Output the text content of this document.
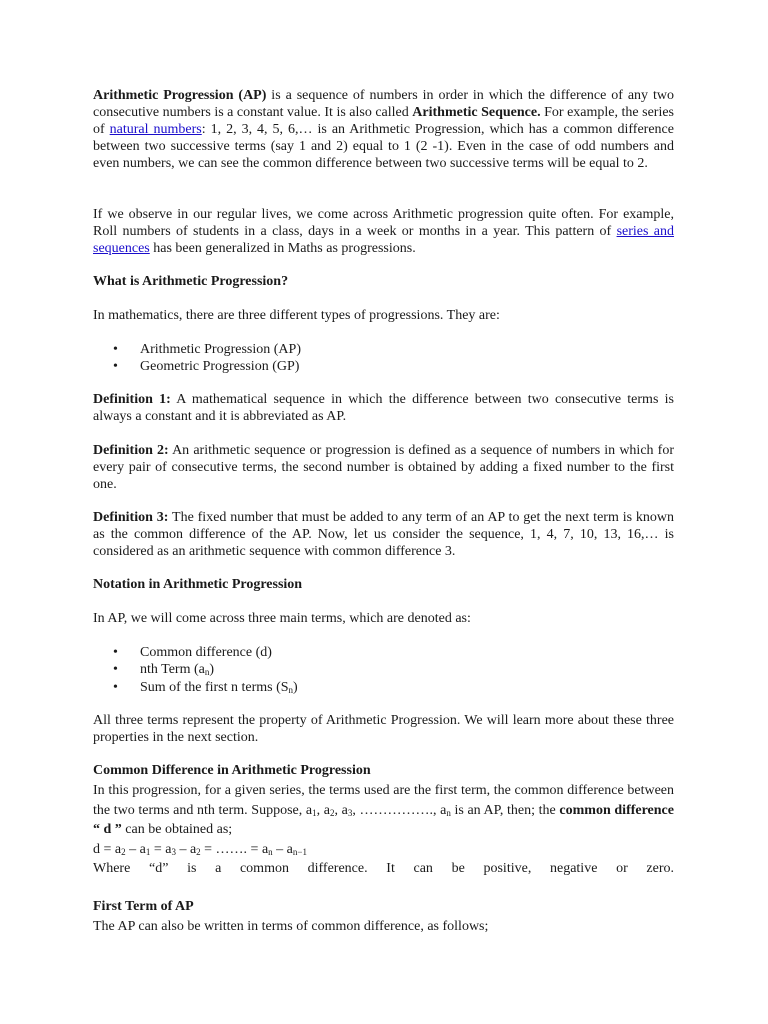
Arithmetic Progression (AP) is a sequence of numbers in order in which the difference of any two consecutive numbers is a constant value. It is also called Arithmetic Sequence. For example, the series of natural numbers: 1, 2, 3, 4, 5, 6,… is an Arithmetic Progression, which has a common difference between two successive terms (say 1 and 2) equal to 1 (2 -1). Even in the case of odd numbers and even numbers, we can see the common difference between two successive terms will be equal to 2.

If we observe in our regular lives, we come across Arithmetic progression quite often. For example, Roll numbers of students in a class, days in a week or months in a year. This pattern of series and sequences has been generalized in Maths as progressions.

What is Arithmetic Progression?

In mathematics, there are three different types of progressions. They are:

• Arithmetic Progression (AP)
• Geometric Progression (GP)

Definition 1: A mathematical sequence in which the difference between two consecutive terms is always a constant and it is abbreviated as AP.

Definition 2: An arithmetic sequence or progression is defined as a sequence of numbers in which for every pair of consecutive terms, the second number is obtained by adding a fixed number to the first one.

Definition 3: The fixed number that must be added to any term of an AP to get the next term is known as the common difference of the AP. Now, let us consider the sequence, 1, 4, 7, 10, 13, 16,… is considered as an arithmetic sequence with common difference 3.

Notation in Arithmetic Progression

In AP, we will come across three main terms, which are denoted as:

• Common difference (d)
• nth Term $(a_n)$
• Sum of the first n terms $(S_n)$

All three terms represent the property of Arithmetic Progression. We will learn more about these three properties in the next section.

Common Difference in Arithmetic Progression

In this progression, for a given series, the terms used are the first term, the common difference between the two terms and nth term. Suppose, $a_1$, $a_2$, $a_3$, ……………., $a_n$ is an AP, then; the common difference “ d ” can be obtained as;
$d = a_2 - a_1 = a_3 - a_2$ = ……. = $a_n - a_{n-1}$
Where “d” is a common difference. It can be positive, negative or zero.

First Term of AP

The AP can also be written in terms of common difference, as follows;
